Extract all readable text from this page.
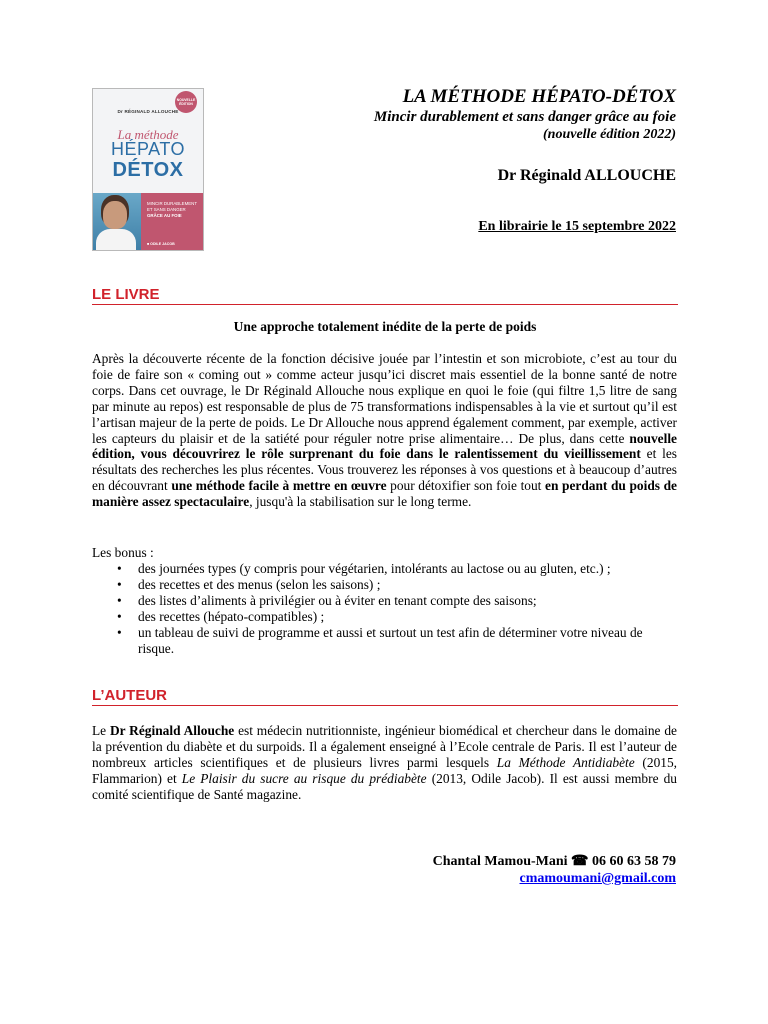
NOUVELLE ÉDITION
Dr RÉGINALD ALLOUCHE
La méthode
HÉPATO
DÉTOX
MINCIR DURABLEMENT
ET SANS DANGER
GRÂCE AU FOIE
■ ODILE JACOB
LA MÉTHODE HÉPATO-DÉTOX
Mincir durablement et sans danger grâce au foie
(nouvelle édition 2022)
Dr Réginald ALLOUCHE
En librairie le 15 septembre 2022
LE LIVRE
Une approche totalement inédite de la perte de poids
Après la découverte récente de la fonction décisive jouée par l’intestin et son microbiote, c’est au tour du foie de faire son « coming out » comme acteur jusqu’ici discret mais essentiel de la bonne santé de notre corps. Dans cet ouvrage, le Dr Réginald Allouche nous explique en quoi le foie (qui filtre 1,5 litre de sang par minute au repos) est responsable de plus de 75 transformations indispensables à la vie et surtout qu’il est l’artisan majeur de la perte de poids. Le Dr Allouche nous apprend également comment, par exemple, activer les capteurs du plaisir et de la satiété pour réguler notre prise alimentaire… De plus, dans cette nouvelle édition, vous découvrirez le rôle surprenant du foie dans le ralentissement du vieillissement et les résultats des recherches les plus récentes. Vous trouverez les réponses à vos questions et à beaucoup d’autres en découvrant une méthode facile à mettre en œuvre pour détoxifier son foie tout en perdant du poids de manière assez spectaculaire, jusqu'à la stabilisation sur le long terme.
Les bonus :
• des journées types (y compris pour végétarien, intolérants au lactose ou au gluten, etc.) ;
• des recettes et des menus (selon les saisons) ;
• des listes d’aliments à privilégier ou à éviter en tenant compte des saisons;
• des recettes (hépato-compatibles) ;
• un tableau de suivi de programme et aussi et surtout un test afin de déterminer votre niveau de risque.
L’AUTEUR
Le Dr Réginald Allouche est médecin nutritionniste, ingénieur biomédical et chercheur dans le domaine de la prévention du diabète et du surpoids. Il a également enseigné à l’Ecole centrale de Paris. Il est l’auteur de nombreux articles scientifiques et de plusieurs livres parmi lesquels La Méthode Antidiabète (2015, Flammarion) et Le Plaisir du sucre au risque du prédiabète (2013, Odile Jacob). Il est aussi membre du comité scientifique de Santé magazine.
Chantal Mamou-Mani ☎ 06 60 63 58 79
cmamoumani@gmail.com
